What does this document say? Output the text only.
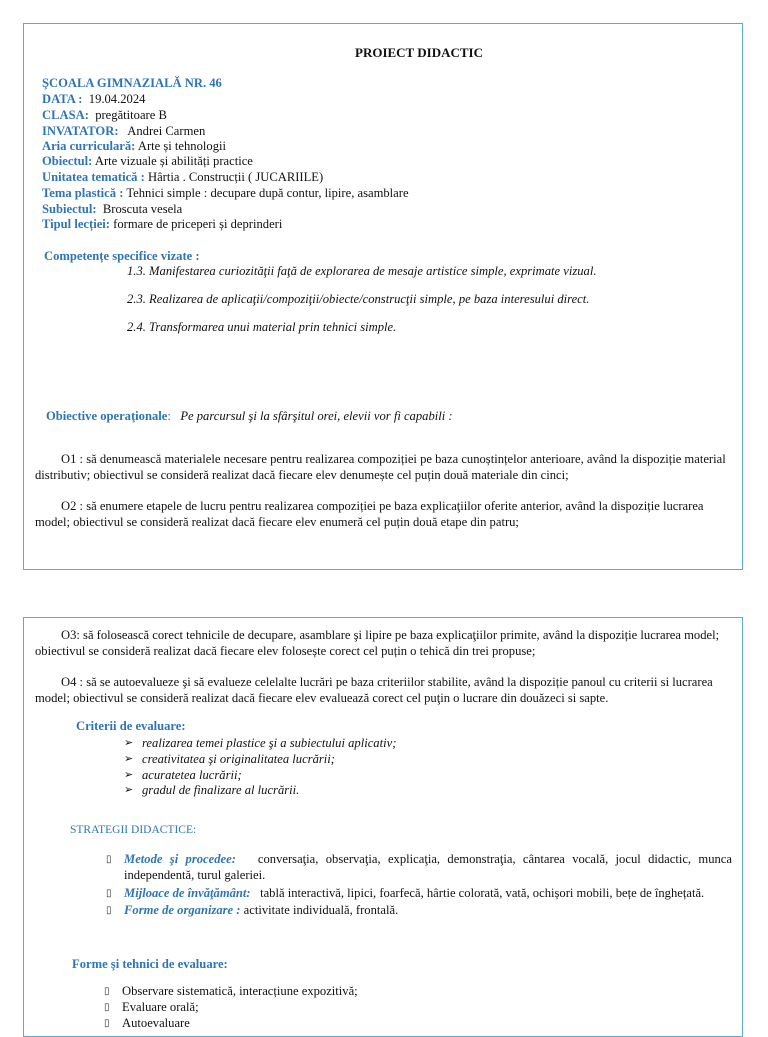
PROIECT DIDACTIC
ŞCOALA GIMNAZIALĂ NR. 46
DATA : 19.04.2024
CLASA: pregătitoare B
INVATATOR: Andrei Carmen
Aria curriculară: Arte și tehnologii
Obiectul: Arte vizuale și abilități practice
Unitatea tematică : Hârtia . Construcții ( JUCARIILE)
Tema plastică : Tehnici simple : decupare după contur, lipire, asamblare
Subiectul: Broscuta vesela
Tipul lecției: formare de priceperi și deprinderi
Competențe specifice vizate :
1.3. Manifestarea curiozităţii faţă de explorarea de mesaje artistice simple, exprimate vizual.
2.3. Realizarea de aplicaţii/compoziţii/obiecte/construcţii simple, pe baza interesului direct.
2.4. Transformarea unui material prin tehnici simple.
Obiective operaţionale: Pe parcursul şi la sfârşitul orei, elevii vor fi capabili :
O1 : să denumească materialele necesare pentru realizarea compoziției pe baza cunoștințelor anterioare, având la dispoziție material distributiv; obiectivul se consideră realizat dacă fiecare elev denumește cel puțin două materiale din cinci;
O2 : să enumere etapele de lucru pentru realizarea compoziției pe baza explicaţiilor oferite anterior, având la dispoziție lucrarea model; obiectivul se consideră realizat dacă fiecare elev enumeră cel puțin două etape din patru;
O3: să folosească corect tehnicile de decupare, asamblare şi lipire pe baza explicaţiilor primite, având la dispoziție lucrarea model; obiectivul se consideră realizat dacă fiecare elev folosește corect cel puțin o tehică din trei propuse;
O4 : să se autoevalueze şi să evalueze celelalte lucrări pe baza criteriilor stabilite, având la dispoziție panoul cu criterii si lucrarea model; obiectivul se consideră realizat dacă fiecare elev evaluează corect cel puţin o lucrare din douăzeci si sapte.
Criterii de evaluare:
➢ realizarea temei plastice şi a subiectului aplicativ;
➢ creativitatea şi originalitatea lucrării;
➢ acuratetea lucrării;
➢ gradul de finalizare al lucrării.
STRATEGII DIDACTICE:
▯ Metode şi procedee: conversaţia, observaţia, explicaţia, demonstraţia, cântarea vocală, jocul didactic, munca independentă, turul galeriei.
▯ Mijloace de învăţământ: tablă interactivă, lipici, foarfecă, hârtie colorată, vată, ochișori mobili, bețe de înghețată.
▯ Forme de organizare : activitate individuală, frontală.
Forme şi tehnici de evaluare:
▯ Observare sistematică, interacțiune expozitivă;
▯ Evaluare orală;
▯ Autoevaluare
